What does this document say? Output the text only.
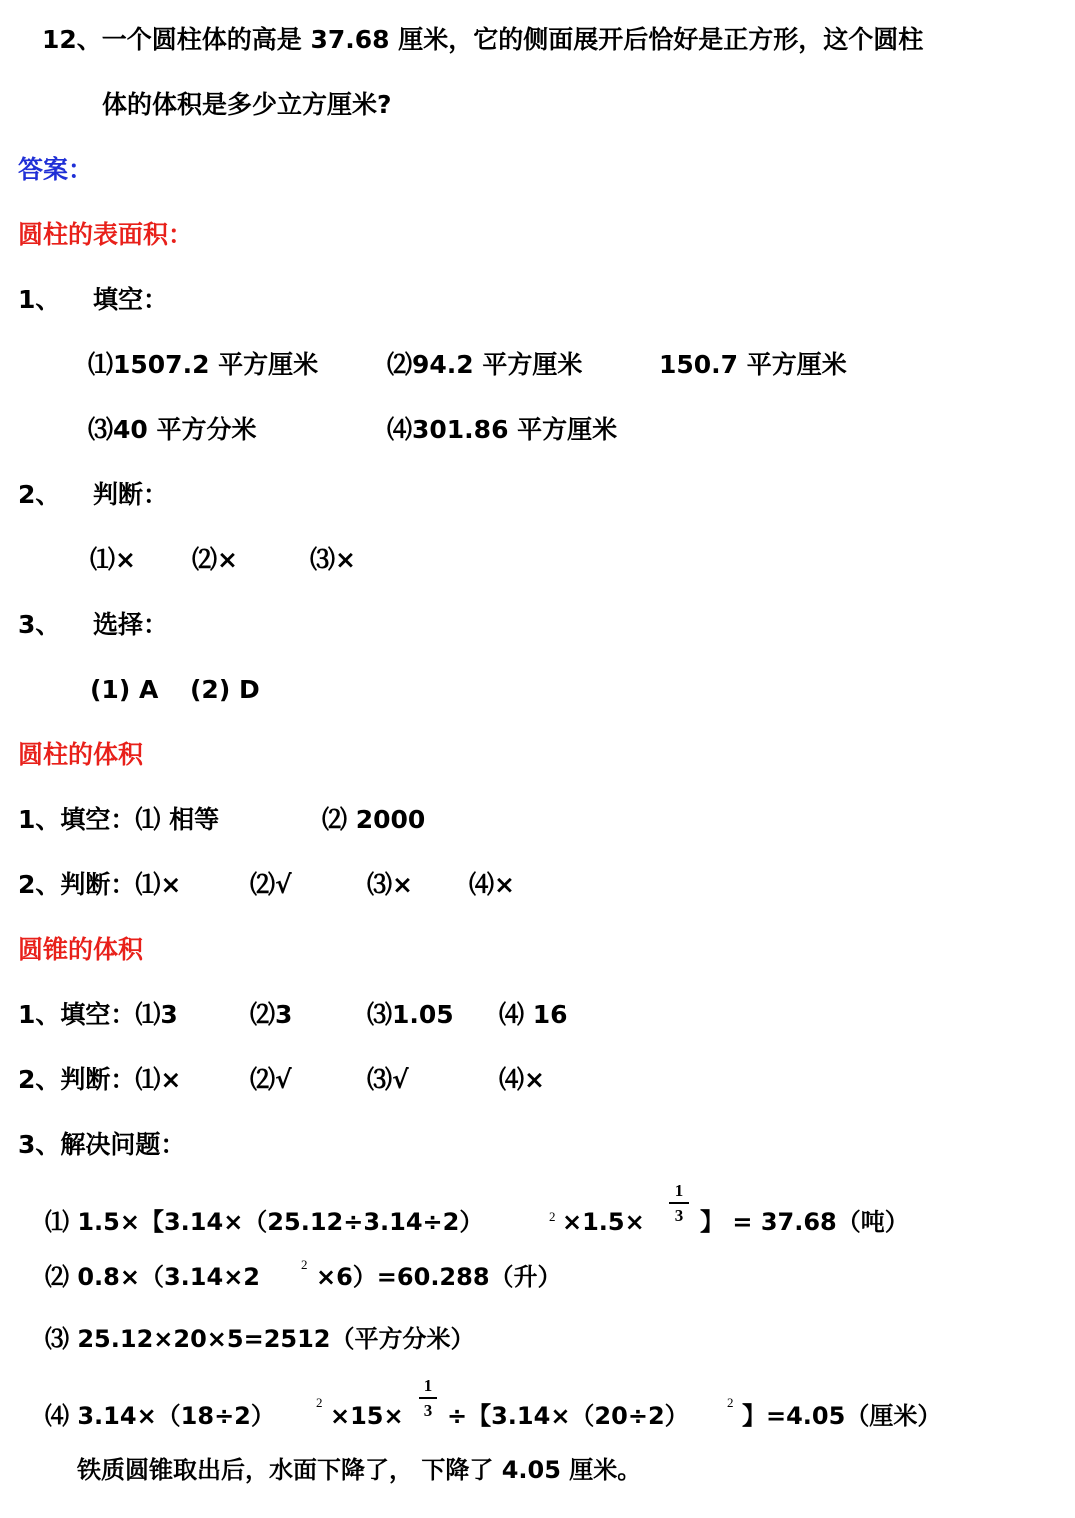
12、一个圆柱体的高是 37.68 厘米，它的侧面展开后恰好是正方形，这个圆柱
体的体积是多少立方厘米?
答案：
圆柱的表面积：
1、 填空：
⑴1507.2 平方厘米	⑵94.2 平方厘米	150.7 平方厘米
⑶40 平方分米	⑷301.86 平方厘米
2、 判断：
⑴× ⑵×	⑶×
3、 选择：
(1) A (2) D
圆柱的体积
1、填空：⑴ 相等	⑵ 2000
2、判断：⑴×	⑵√	⑶× ⑷×
圆锥的体积
1、填空：⑴3	⑵3	⑶1.05 ⑷ 16
2、判断：⑴×	⑵√	⑶√	⑷×
3、解决问题：
⑴ 1.5×【3.14×（25.12÷3.14÷2）	2 ×1.5×
1
3 】 = 37.68（吨）
⑵ 0.8×（3.14×2	2 ×6）=60.288（升）
⑶ 25.12×20×5=2512（平方分米）
⑷ 3.14×（18÷2）	2 ×15×
1
3 ÷【3.14×（20÷2）	2 】=4.05（厘米）
铁质圆锥取出后，水面下降了， 下降了 4.05 厘米。
